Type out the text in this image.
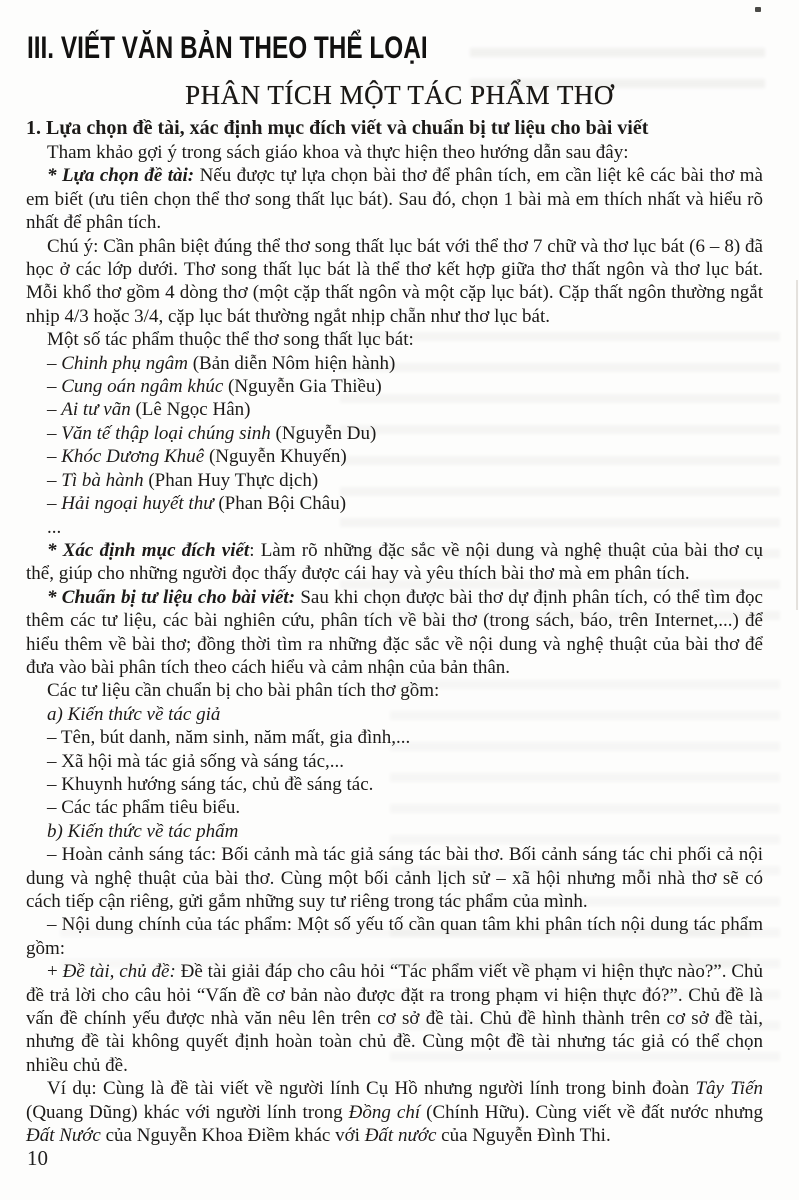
III. VIẾT VĂN BẢN THEO THỂ LOẠI
PHÂN TÍCH MỘT TÁC PHẨM THƠ
1. Lựa chọn đề tài, xác định mục đích viết và chuẩn bị tư liệu cho bài viết
Tham khảo gợi ý trong sách giáo khoa và thực hiện theo hướng dẫn sau đây:
* Lựa chọn đề tài: Nếu được tự lựa chọn bài thơ để phân tích, em cần liệt kê các bài thơ mà em biết (ưu tiên chọn thể thơ song thất lục bát). Sau đó, chọn 1 bài mà em thích nhất và hiểu rõ nhất để phân tích.
Chú ý: Cần phân biệt đúng thể thơ song thất lục bát với thể thơ 7 chữ và thơ lục bát (6 – 8) đã học ở các lớp dưới. Thơ song thất lục bát là thể thơ kết hợp giữa thơ thất ngôn và thơ lục bát. Mỗi khổ thơ gồm 4 dòng thơ (một cặp thất ngôn và một cặp lục bát). Cặp thất ngôn thường ngắt nhịp 4/3 hoặc 3/4, cặp lục bát thường ngắt nhịp chẵn như thơ lục bát.
Một số tác phẩm thuộc thể thơ song thất lục bát:
– Chinh phụ ngâm (Bản diễn Nôm hiện hành)
– Cung oán ngâm khúc (Nguyễn Gia Thiều)
– Ai tư vãn (Lê Ngọc Hân)
– Văn tế thập loại chúng sinh (Nguyễn Du)
– Khóc Dương Khuê (Nguyễn Khuyến)
– Tì bà hành (Phan Huy Thực dịch)
– Hải ngoại huyết thư (Phan Bội Châu)
...
* Xác định mục đích viết: Làm rõ những đặc sắc về nội dung và nghệ thuật của bài thơ cụ thể, giúp cho những người đọc thấy được cái hay và yêu thích bài thơ mà em phân tích.
* Chuẩn bị tư liệu cho bài viết: Sau khi chọn được bài thơ dự định phân tích, có thể tìm đọc thêm các tư liệu, các bài nghiên cứu, phân tích về bài thơ (trong sách, báo, trên Internet,...) để hiểu thêm về bài thơ; đồng thời tìm ra những đặc sắc về nội dung và nghệ thuật của bài thơ để đưa vào bài phân tích theo cách hiểu và cảm nhận của bản thân.
Các tư liệu cần chuẩn bị cho bài phân tích thơ gồm:
a) Kiến thức về tác giả
– Tên, bút danh, năm sinh, năm mất, gia đình,...
– Xã hội mà tác giả sống và sáng tác,...
– Khuynh hướng sáng tác, chủ đề sáng tác.
– Các tác phẩm tiêu biểu.
b) Kiến thức về tác phẩm
– Hoàn cảnh sáng tác: Bối cảnh mà tác giả sáng tác bài thơ. Bối cảnh sáng tác chi phối cả nội dung và nghệ thuật của bài thơ. Cùng một bối cảnh lịch sử – xã hội nhưng mỗi nhà thơ sẽ có cách tiếp cận riêng, gửi gắm những suy tư riêng trong tác phẩm của mình.
– Nội dung chính của tác phẩm: Một số yếu tố cần quan tâm khi phân tích nội dung tác phẩm gồm:
+ Đề tài, chủ đề: Đề tài giải đáp cho câu hỏi “Tác phẩm viết về phạm vi hiện thực nào?”. Chủ đề trả lời cho câu hỏi “Vấn đề cơ bản nào được đặt ra trong phạm vi hiện thực đó?”. Chủ đề là vấn đề chính yếu được nhà văn nêu lên trên cơ sở đề tài. Chủ đề hình thành trên cơ sở đề tài, nhưng đề tài không quyết định hoàn toàn chủ đề. Cùng một đề tài nhưng tác giả có thể chọn nhiều chủ đề.
Ví dụ: Cùng là đề tài viết về người lính Cụ Hồ nhưng người lính trong binh đoàn Tây Tiến (Quang Dũng) khác với người lính trong Đồng chí (Chính Hữu). Cùng viết về đất nước nhưng Đất Nước của Nguyễn Khoa Điềm khác với Đất nước của Nguyễn Đình Thi.
10
